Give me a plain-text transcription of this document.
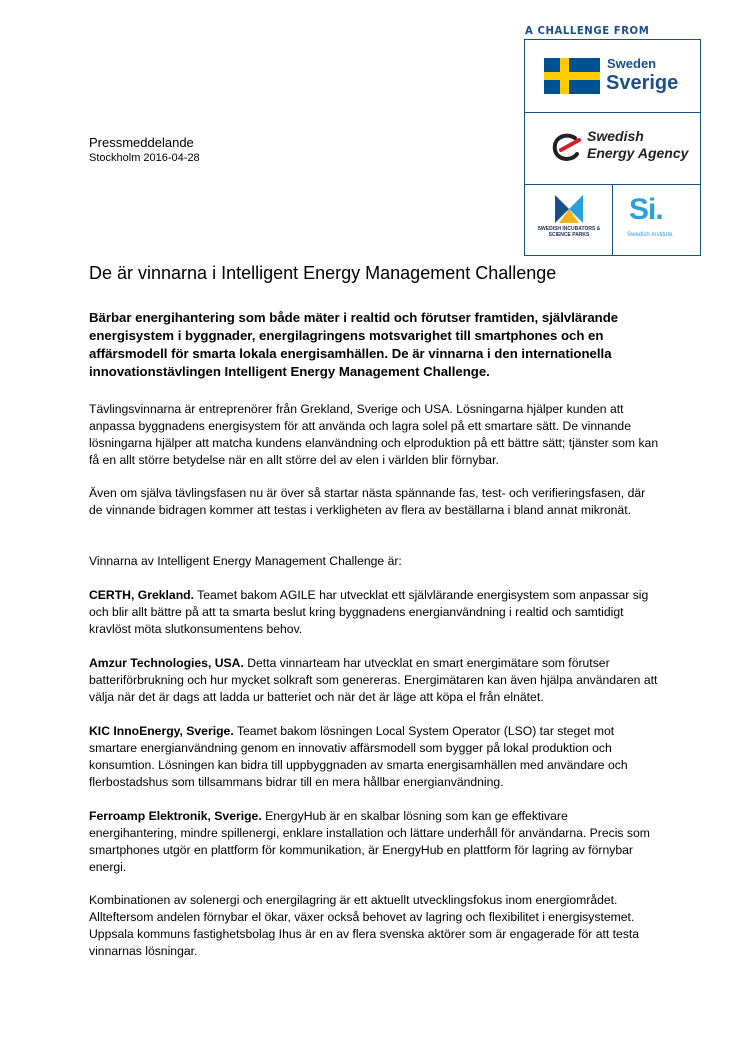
A CHALLENGE FROM
Sweden
Sverige
Swedish
Energy Agency
SWEDISH INCUBATORS & SCIENCE PARKS
Si.
Swedish Institute.
Pressmeddelande
Stockholm 2016-04-28
De är vinnarna i Intelligent Energy Management Challenge

Bärbar energihantering som både mäter i realtid och förutser framtiden, självlärande energisystem i byggnader, energilagringens motsvarighet till smartphones och en affärsmodell för smarta lokala energisamhällen. De är vinnarna i den internationella innovationstävlingen Intelligent Energy Management Challenge.

Tävlingsvinnarna är entreprenörer från Grekland, Sverige och USA. Lösningarna hjälper kunden att anpassa byggnadens energisystem för att använda och lagra solel på ett smartare sätt. De vinnande lösningarna hjälper att matcha kundens elanvändning och elproduktion på ett bättre sätt; tjänster som kan få en allt större betydelse när en allt större del av elen i världen blir förnybar.

Även om själva tävlingsfasen nu är över så startar nästa spännande fas, test- och verifieringsfasen, där de vinnande bidragen kommer att testas i verkligheten av flera av beställarna i bland annat mikronät.

Vinnarna av Intelligent Energy Management Challenge är:

CERTH, Grekland. Teamet bakom AGILE har utvecklat ett självlärande energisystem som anpassar sig och blir allt bättre på att ta smarta beslut kring byggnadens energianvändning i realtid och samtidigt kravlöst möta slutkonsumentens behov.

Amzur Technologies, USA. Detta vinnarteam har utvecklat en smart energimätare som förutser batteriförbrukning och hur mycket solkraft som genereras. Energimätaren kan även hjälpa användaren att välja när det är dags att ladda ur batteriet och när det är läge att köpa el från elnätet.

KIC InnoEnergy, Sverige. Teamet bakom lösningen Local System Operator (LSO) tar steget mot smartare energianvändning genom en innovativ affärsmodell som bygger på lokal produktion och konsumtion. Lösningen kan bidra till uppbyggnaden av smarta energisamhällen med användare och flerbostadshus som tillsammans bidrar till en mera hållbar energianvändning.

Ferroamp Elektronik, Sverige. EnergyHub är en skalbar lösning som kan ge effektivare energihantering, mindre spillenergi, enklare installation och lättare underhåll för användarna. Precis som smartphones utgör en plattform för kommunikation, är EnergyHub en plattform för lagring av förnybar energi.

Kombinationen av solenergi och energilagring är ett aktuellt utvecklingsfokus inom energiområdet. Allteftersom andelen förnybar el ökar, växer också behovet av lagring och flexibilitet i energisystemet. Uppsala kommuns fastighetsbolag Ihus är en av flera svenska aktörer som är engagerade för att testa vinnarnas lösningar.
